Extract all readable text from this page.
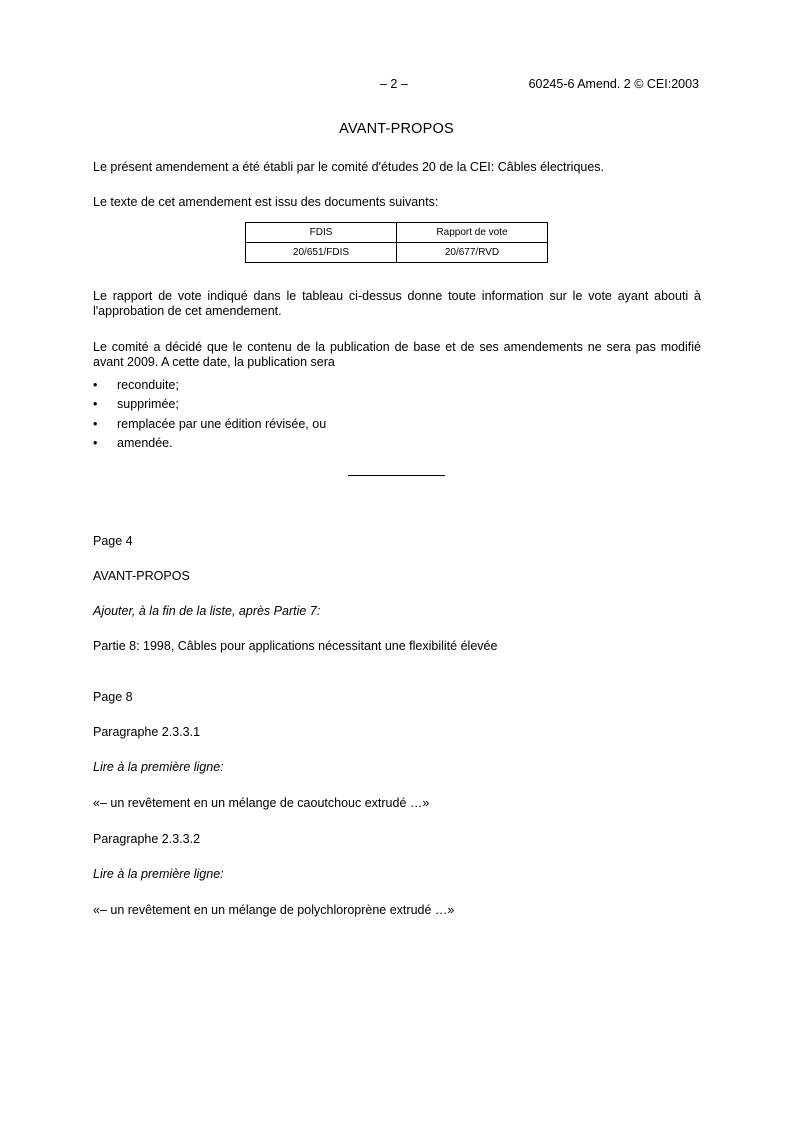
– 2 –	60245-6 Amend. 2 © CEI:2003
AVANT-PROPOS

Le présent amendement a été établi par le comité d'études 20 de la CEI: Câbles électriques.

Le texte de cet amendement est issu des documents suivants:

FDIS	Rapport de vote
20/651/FDIS	20/677/RVD

Le rapport de vote indiqué dans le tableau ci-dessus donne toute information sur le vote ayant abouti à l'approbation de cet amendement.

Le comité a décidé que le contenu de la publication de base et de ses amendements ne sera pas modifié avant 2009. A cette date, la publication sera

• reconduite;
• supprimée;
• remplacée par une édition révisée, ou
• amendée.

Page 4

AVANT-PROPOS

Ajouter, à la fin de la liste, après Partie 7:

Partie 8: 1998, Câbles pour applications nécessitant une flexibilité élevée

Page 8

Paragraphe 2.3.3.1

Lire à la première ligne:

«– un revêtement en un mélange de caoutchouc extrudé …»

Paragraphe 2.3.3.2

Lire à la première ligne:

«– un revêtement en un mélange de polychloroprène extrudé …»
